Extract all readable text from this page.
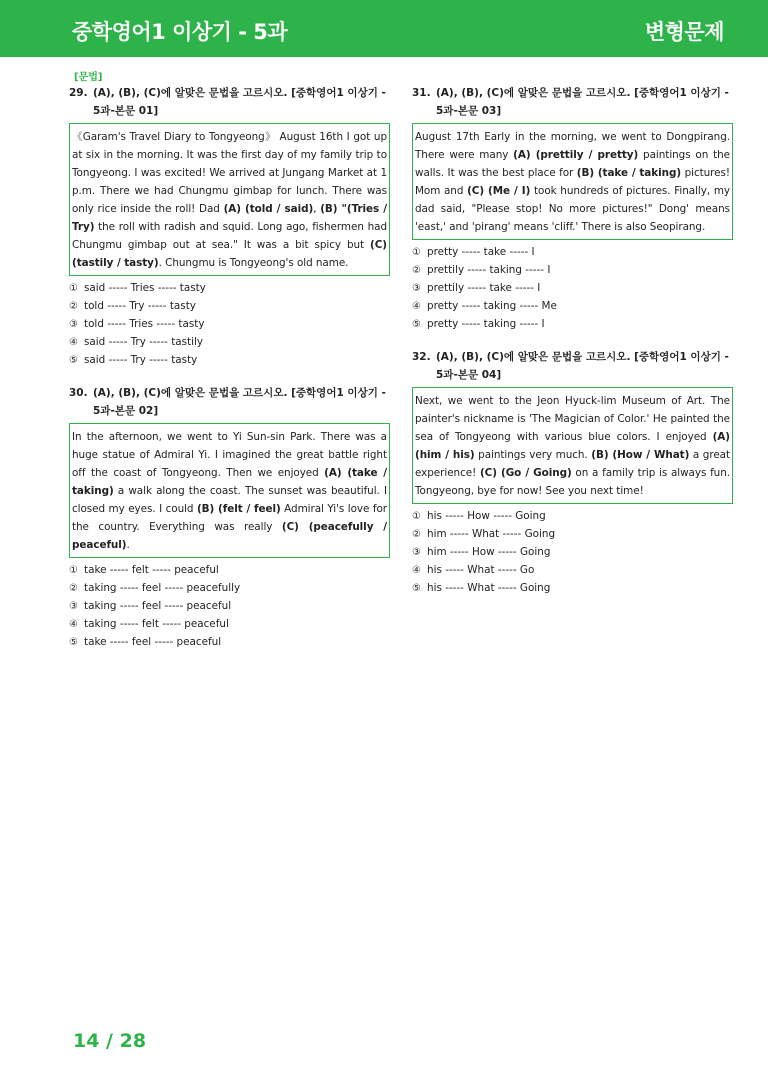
중학영어1 이상기 - 5과	변형문제
[문법]
29. (A), (B), (C)에 알맞은 문법을 고르시오. [중학영어1 이상기 -
5과-본문 01]
《Garam's Travel Diary to Tongyeong》 August 16th I got up at six in the morning. It was the first day of my family trip to Tongyeong. I was excited! We arrived at Jungang Market at 1 p.m. There we had Chungmu gimbap for lunch. There was only rice inside the roll! Dad (A) (told / said), (B) "(Tries / Try) the roll with radish and squid. Long ago, fishermen had Chungmu gimbap out at sea." It was a bit spicy but (C) (tastily / tasty). Chungmu is Tongyeong's old name.
① said ----- Tries ----- tasty
② told ----- Try ----- tasty
③ told ----- Tries ----- tasty
④ said ----- Try ----- tastily
⑤ said ----- Try ----- tasty
30. (A), (B), (C)에 알맞은 문법을 고르시오. [중학영어1 이상기 -
5과-본문 02]
In the afternoon, we went to Yi Sun-sin Park. There was a huge statue of Admiral Yi. I imagined the great battle right off the coast of Tongyeong. Then we enjoyed (A) (take / taking) a walk along the coast. The sunset was beautiful. I closed my eyes. I could (B) (felt / feel) Admiral Yi's love for the country. Everything was really (C) (peacefully / peaceful).
① take ----- felt ----- peaceful
② taking ----- feel ----- peacefully
③ taking ----- feel ----- peaceful
④ taking ----- felt ----- peaceful
⑤ take ----- feel ----- peaceful
31. (A), (B), (C)에 알맞은 문법을 고르시오. [중학영어1 이상기 -
5과-본문 03]
August 17th Early in the morning, we went to Dongpirang. There were many (A) (prettily / pretty) paintings on the walls. It was the best place for (B) (take / taking) pictures! Mom and (C) (Me / I) took hundreds of pictures. Finally, my dad said, "Please stop! No more pictures!" Dong' means 'east,' and 'pirang' means 'cliff.' There is also Seopirang.
① pretty ----- take ----- I
② prettily ----- taking ----- I
③ prettily ----- take ----- I
④ pretty ----- taking ----- Me
⑤ pretty ----- taking ----- I
32. (A), (B), (C)에 알맞은 문법을 고르시오. [중학영어1 이상기 -
5과-본문 04]
Next, we went to the Jeon Hyuck-lim Museum of Art. The painter's nickname is 'The Magician of Color.' He painted the sea of Tongyeong with various blue colors. I enjoyed (A) (him / his) paintings very much. (B) (How / What) a great experience! (C) (Go / Going) on a family trip is always fun. Tongyeong, bye for now! See you next time!
① his ----- How ----- Going
② him ----- What ----- Going
③ him ----- How ----- Going
④ his ----- What ----- Go
⑤ his ----- What ----- Going
14 / 28
